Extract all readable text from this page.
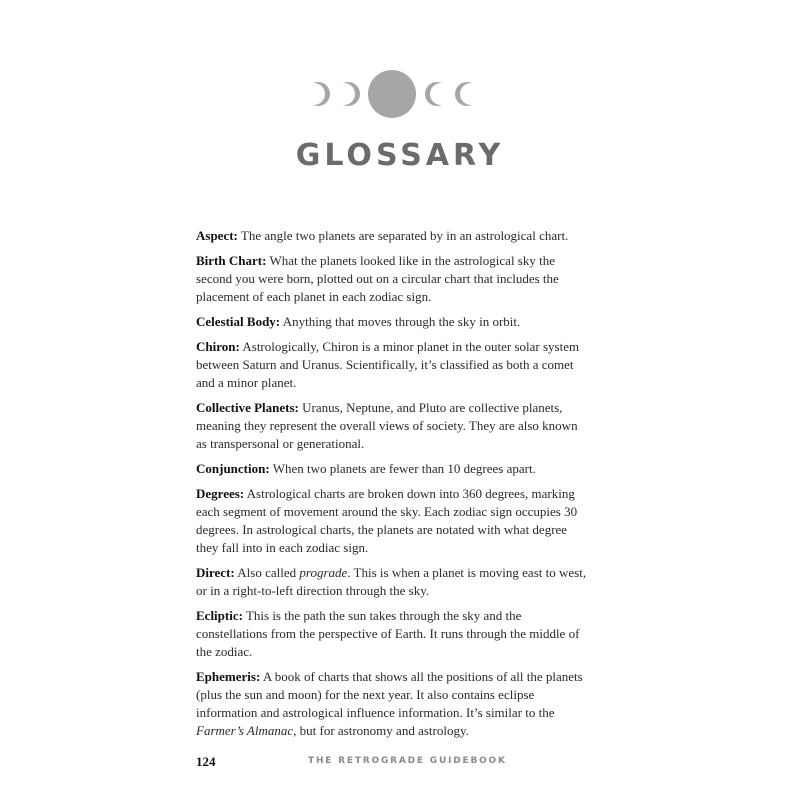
GLOSSARY

Aspect: The angle two planets are separated by in an astrological chart.

Birth Chart: What the planets looked like in the astrological sky the second you were born, plotted out on a circular chart that includes the placement of each planet in each zodiac sign.

Celestial Body: Anything that moves through the sky in orbit.

Chiron: Astrologically, Chiron is a minor planet in the outer solar system between Saturn and Uranus. Scientifically, it’s classified as both a comet and a minor planet.

Collective Planets: Uranus, Neptune, and Pluto are collective planets, meaning they represent the overall views of society. They are also known as transpersonal or generational.

Conjunction: When two planets are fewer than 10 degrees apart.

Degrees: Astrological charts are broken down into 360 degrees, marking each segment of movement around the sky. Each zodiac sign occupies 30 degrees. In astrological charts, the planets are notated with what degree they fall into in each zodiac sign.

Direct: Also called prograde. This is when a planet is moving east to west, or in a right-to-left direction through the sky.

Ecliptic: This is the path the sun takes through the sky and the constellations from the perspective of Earth. It runs through the middle of the zodiac.

Ephemeris: A book of charts that shows all the positions of all the planets (plus the sun and moon) for the next year. It also contains eclipse information and astrological influence information. It’s similar to the Farmer’s Almanac, but for astronomy and astrology.

124	THE RETROGRADE GUIDEBOOK
